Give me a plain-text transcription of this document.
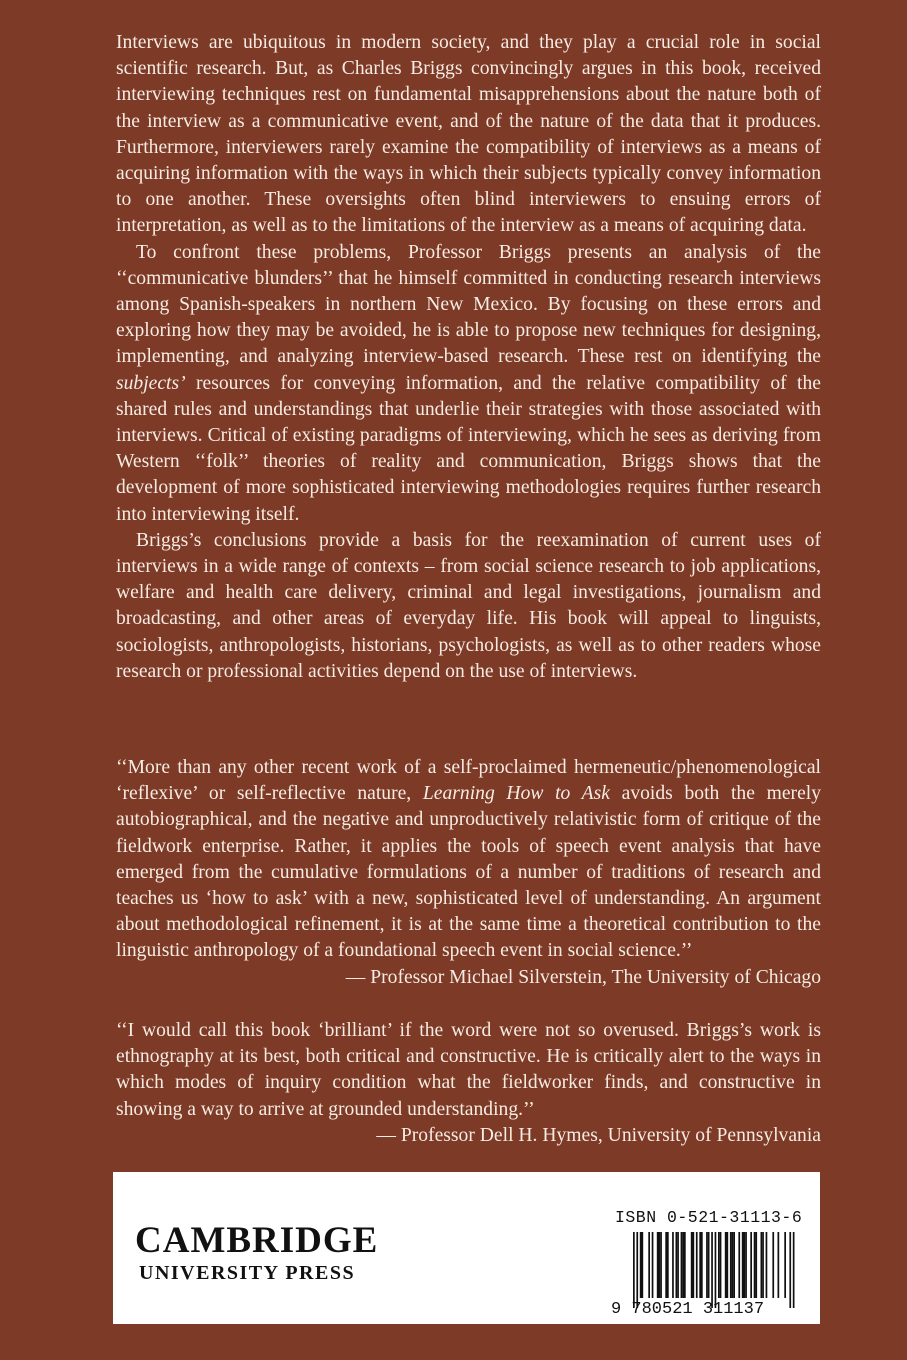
Interviews are ubiquitous in modern society, and they play a crucial role in social scientific research. But, as Charles Briggs convincingly argues in this book, received interviewing techniques rest on fundamental misapprehensions about the nature both of the interview as a communicative event, and of the nature of the data that it produces. Furthermore, interviewers rarely examine the compatibility of interviews as a means of acquiring information with the ways in which their subjects typically convey information to one another. These oversights often blind interviewers to ensuing errors of interpretation, as well as to the limitations of the interview as a means of acquiring data.

To confront these problems, Professor Briggs presents an analysis of the ‘‘communicative blunders’’ that he himself committed in conducting research interviews among Spanish-speakers in northern New Mexico. By focusing on these errors and exploring how they may be avoided, he is able to propose new techniques for designing, implementing, and analyzing interview-based research. These rest on identifying the subjects’ resources for conveying information, and the relative compatibility of the shared rules and understandings that underlie their strategies with those associated with interviews. Critical of existing paradigms of interviewing, which he sees as deriving from Western ‘‘folk’’ theories of reality and communication, Briggs shows that the development of more sophisticated interviewing methodologies requires further research into interviewing itself.

Briggs’s conclusions provide a basis for the reexamination of current uses of interviews in a wide range of contexts – from social science research to job applications, welfare and health care delivery, criminal and legal investigations, journalism and broadcasting, and other areas of everyday life. His book will appeal to linguists, sociologists, anthropologists, historians, psychologists, as well as to other readers whose research or professional activities depend on the use of interviews.

‘‘More than any other recent work of a self-proclaimed hermeneutic/phenomenological ‘reflexive’ or self-reflective nature, Learning How to Ask avoids both the merely autobiographical, and the negative and unproductively relativistic form of critique of the fieldwork enterprise. Rather, it applies the tools of speech event analysis that have emerged from the cumulative formulations of a number of traditions of research and teaches us ‘how to ask’ with a new, sophisticated level of understanding. An argument about methodological refinement, it is at the same time a theoretical contribution to the linguistic anthropology of a foundational speech event in social science.’’

— Professor Michael Silverstein, The University of Chicago

‘‘I would call this book ‘brilliant’ if the word were not so overused. Briggs’s work is ethnography at its best, both critical and constructive. He is critically alert to the ways in which modes of inquiry condition what the fieldworker finds, and constructive in showing a way to arrive at grounded understanding.’’

— Professor Dell H. Hymes, University of Pennsylvania

CAMBRIDGE
UNIVERSITY PRESS
ISBN 0-521-31113-6
9 780521 311137
